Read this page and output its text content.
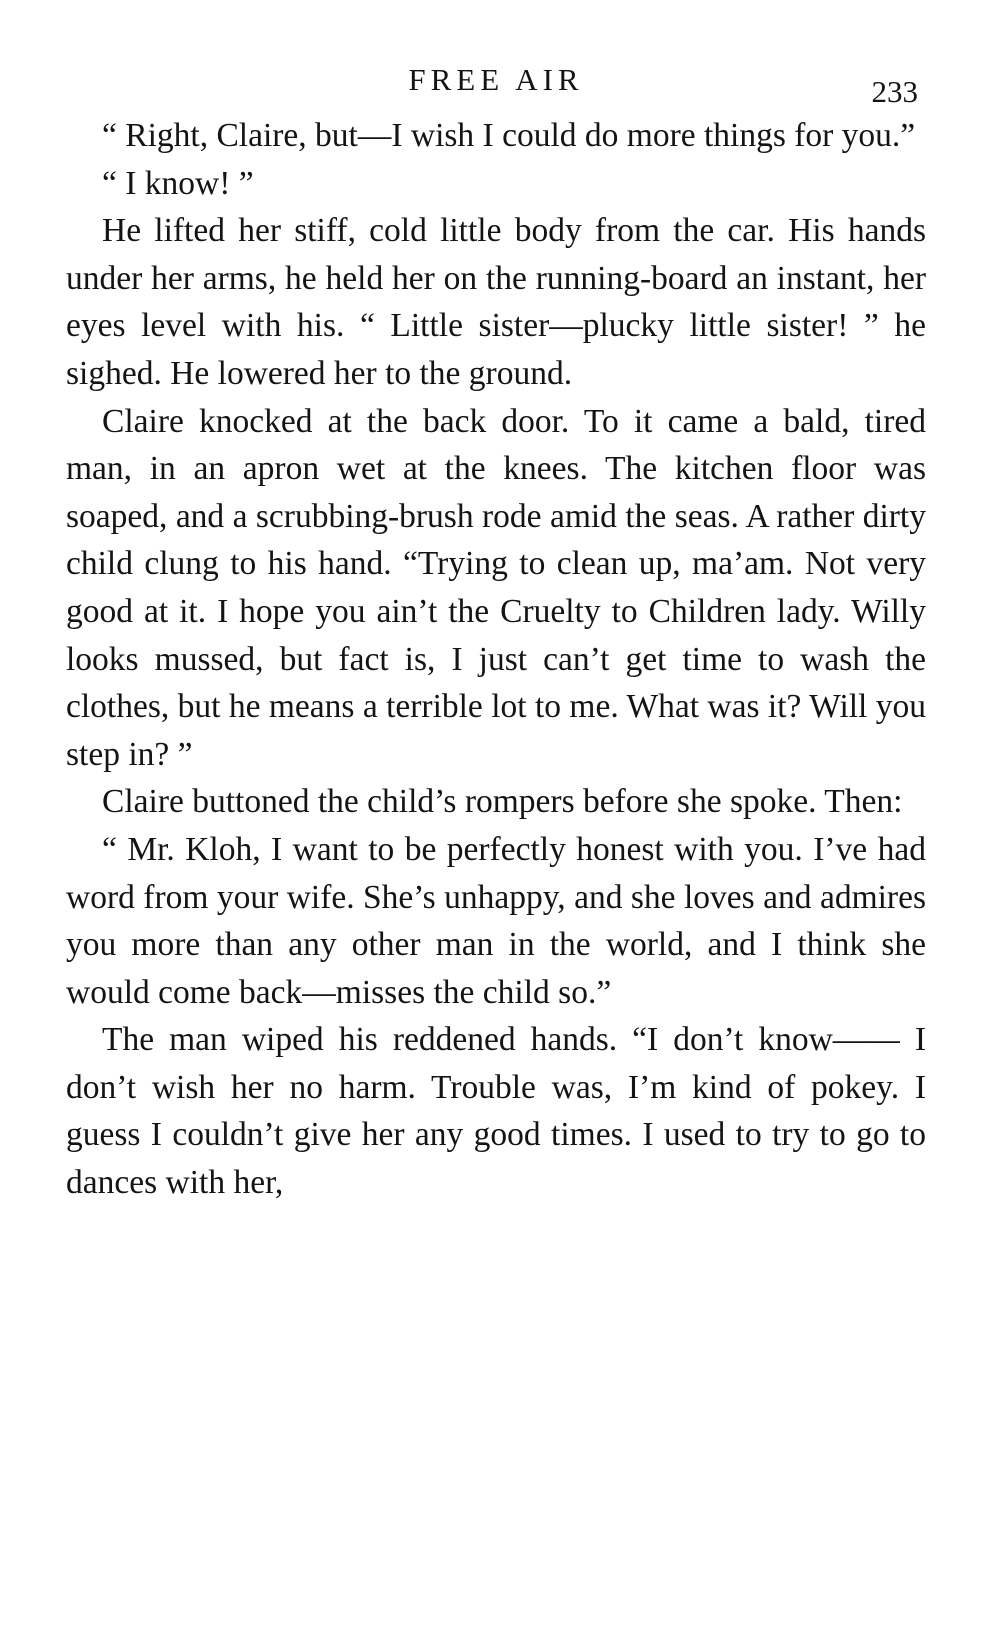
FREE AIR	233

“ Right, Claire, but—I wish I could do more things for you.”

“ I know! ”

He lifted her stiff, cold little body from the car. His hands under her arms, he held her on the running-board an instant, her eyes level with his. “ Little sister—plucky little sister! ” he sighed. He lowered her to the ground.

Claire knocked at the back door. To it came a bald, tired man, in an apron wet at the knees. The kitchen floor was soaped, and a scrubbing-brush rode amid the seas. A rather dirty child clung to his hand. “Trying to clean up, ma’am. Not very good at it. I hope you ain’t the Cruelty to Children lady. Willy looks mussed, but fact is, I just can’t get time to wash the clothes, but he means a terrible lot to me. What was it? Will you step in? ”

Claire buttoned the child’s rompers before she spoke. Then:

“ Mr. Kloh, I want to be perfectly honest with you. I’ve had word from your wife. She’s unhappy, and she loves and admires you more than any other man in the world, and I think she would come back—misses the child so.”

The man wiped his reddened hands. “I don’t know—— I don’t wish her no harm. Trouble was, I’m kind of pokey. I guess I couldn’t give her any good times. I used to try to go to dances with her,
